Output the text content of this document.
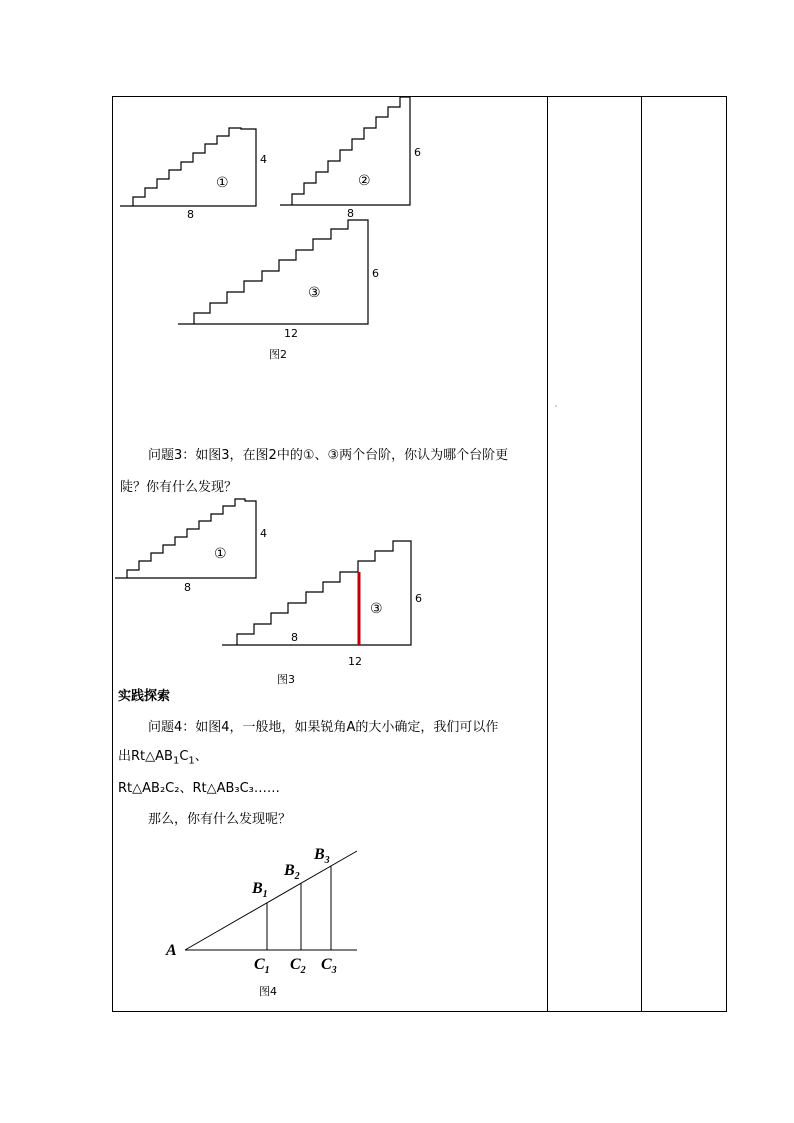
①
4
8
②
6
8
③
6
12
图2
问题3：如图3，在图2中的①、③两个台阶，你认为哪个台阶更
陡？你有什么发现？
①
4
8
③
6
8
12
图3
实践探索
问题4：如图4，一般地，如果锐角A的大小确定，我们可以作
出$Rt\triangle AB_1C_1$、
Rt△AB₂C₂、Rt△AB₃C₃……
那么，你有什么发现呢？
A
$B_1$
$B_2$
$B_3$
$C_1$ $C_2$ $C_3$
图4
